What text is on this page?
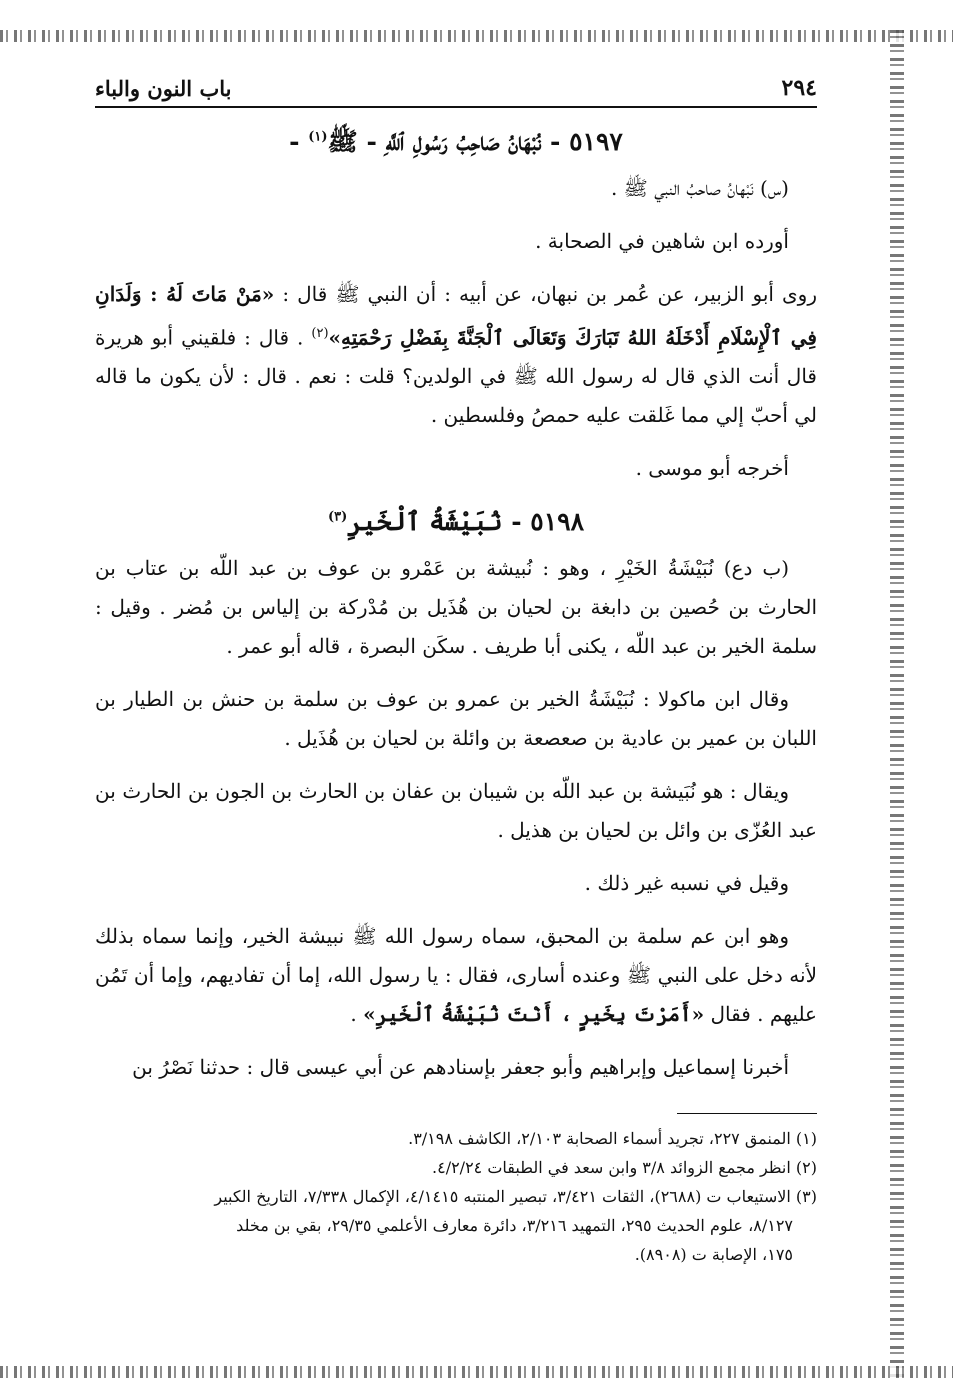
٢٩٤
باب النون والباء
٥١٩٧ - نُبْهَانُ صَاحِبُ رَسُولِ ٱللَّهِ - ﷺ$^{(١)}$ -

(س) نَبْهانُ صاحبُ النبي ﷺ .

أورده ابن شاهين في الصحابة .

روى أبو الزبير، عن عُمر بن نبهان، عن أبيه : أن النبي ﷺ قال : «مَنْ مَاتَ لَهُ : وَلَدَانِ فِي ٱلْإِسْلَامِ أَدْخَلَهُ اللهُ تَبَارَكَ وَتَعَالَى ٱلْجَنَّةَ بِفَضْلِ رَحْمَتِهِ»$^{(٢)}$ . قال : فلقيني أبو هريرة قال أنت الذي قال له رسول الله ﷺ في الولدين؟ قلت : نعم . قال : لأن يكون ما قاله لي أحبّ إلي مما غَلقت عليه حمصُ وفلسطين .

أخرجه أبو موسى .

٥١٩٨ - نُبَيْشَةُ ٱلْخَيرِ$^{(٣)}$

(ب دع) نُبَيْشَةُ الخَيْرِ ، وهو : نُبيشة بن عَمْرو بن عوف بن عبد اللّه بن عتاب بن الحارث بن حُصين بن دابغة بن لحيان بن هُذَيل بن مُدْركة بن إلياس بن مُضر . وقيل : سلمة الخير بن عبد اللّه ، يكنى أبا طريف . سكَن البصرة ، قاله أبو عمر .

وقال ابن ماكولا : نُبَيْشَةُ الخير بن عمرو بن عوف بن سلمة بن حنش بن الطيار بن اللبان بن عمير بن عادية بن صعصعة بن وائلة بن لحيان بن هُذَيل .

ويقال : هو نُبَيشة بن عبد اللّه بن شيبان بن عفان بن الحارث بن الجون بن الحارث بن عبد العُزّى بن وائل بن لحيان بن هذيل .

وقيل في نسبه غير ذلك .

وهو ابن عم سلمة بن المحبق، سماه رسول الله ﷺ نبيشة الخير، وإنما سماه بذلك لأنه دخل على النبي ﷺ وعنده أسارى، فقال : يا رسول الله، إما أن تفاديهم، وإما أن تَمُن عليهم . فقال «أَمَرْتَ بِخَيرٍ ، أَنْتَ نُبَيْشَةُ ٱلْخَيرِ» .

أخبرنا إسماعيل وإبراهيم وأبو جعفر بإسنادهم عن أبي عيسى قال : حدثنا نَصْرُ بن

(١) المنمق ٢٢٧، تجريد أسماء الصحابة ٢/١٠٣، الكاشف ٣/١٩٨.

(٢) انظر مجمع الزوائد ٣/٨ وابن سعد في الطبقات ٤/٢/٢٤.

(٣) الاستيعاب ت (٢٦٨٨)، الثقات ٣/٤٢١، تبصير المنتبه ٤/١٤١٥، الإكمال ٧/٣٣٨، التاريخ الكبير

٨/١٢٧، علوم الحديث ٢٩٥، التمهيد ٣/٢١٦، دائرة معارف الأعلمي ٢٩/٣٥، بقي بن مخلد

١٧٥، الإصابة ت (٨٩٠٨).
